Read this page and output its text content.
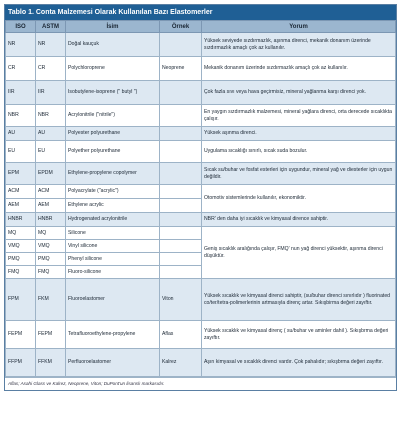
Tablo 1. Conta Malzemesi Olarak Kullanılan Bazı Elastomerler
ISO	ASTM	İsim	Örnek	Yorum
NR	NR	Doğal kauçuk		Yüksek seviyede sızdırmazlık, aşınma direnci, mekanik donanım üzerinde sızdırmazlık amaçlı çok az kullanılır.
CR	CR	Polychloroprene	Neoprene	Mekanik donanım üzerinde sızdırmazlık amaçlı çok az kullanılır.
IIR	IIR	Isobutylene-isoprene (" butyl ")		Çok fazla sıvı veya hava geçirmisiz, mineral yağlanma karşı direnci yok.
NBR	NBR	Acrylonitrile ("nitrile")		En yaygın sızdırmazlık malzemesi, mineral yağlara direnci, orta derecede sıcaklıkta çalışır.
AU	AU	Polyester polyurethane		Yüksek aşınma direnci.
EU	EU	Polyether polyurethane		Uygulama sıcaklığı sınırlı, sıcak suda bozulur.
EPM	EPDM	Ethylene-propylene copolymer		Sıcak su/buhar ve fosfat esterleri için uygundur, mineral yağ ve diesterler için uygun değildir.
ACM	ACM	Polyacrylate ("acrylic")		Otomotiv sistemlerinde kullanılır, ekonomiktir.
AEM	AEM	Ethylene acrylic		
HNBR	HNBR	Hydrogenated acrylonitrile		NBR' den daha iyi sıcaklık ve kimyasal dirence sahiptir.
MQ	MQ	Silicone		Geniş sıcaklık aralığında çalışır, FMQ' nun yağ direnci yüksektir, aşınma direnci düşüktür.
VMQ	VMQ	Vinyl silicone		
PMQ	PMQ	Phenyl silicone		
FMQ	FMQ	Fluoro-silicone		
FPM	FKM	Fluoroelastomer	Viton	Yüksek sıcaklık ve kimyasal direnci sahiptir, (su/buhar direnci sınırlıdır ) fluorinated co/ter/tetra-polimerlerinin artmasıyla direnç artar. Sıkışbirma değeri zayıftır.
FEPM	FEPM	Tetrafluoroethylene-propylene	Aflas	Yüksek sıcaklık ve kimyasal direnç ( su/buhar ve aminler dahil ). Sıkışbrma değeri zayıftır.
FFPM	FFKM	Perfluoroelastomer	Kalrez	Aşırı kimyasal ve sıcaklık direnci vardır. Çok pahalıdır; sıkışbrma değeri zayıftır.
Aflas; Asahi Glass ve Kalrez, Neoprene, Viton; DuPont'un lisanslı markasıdır.
